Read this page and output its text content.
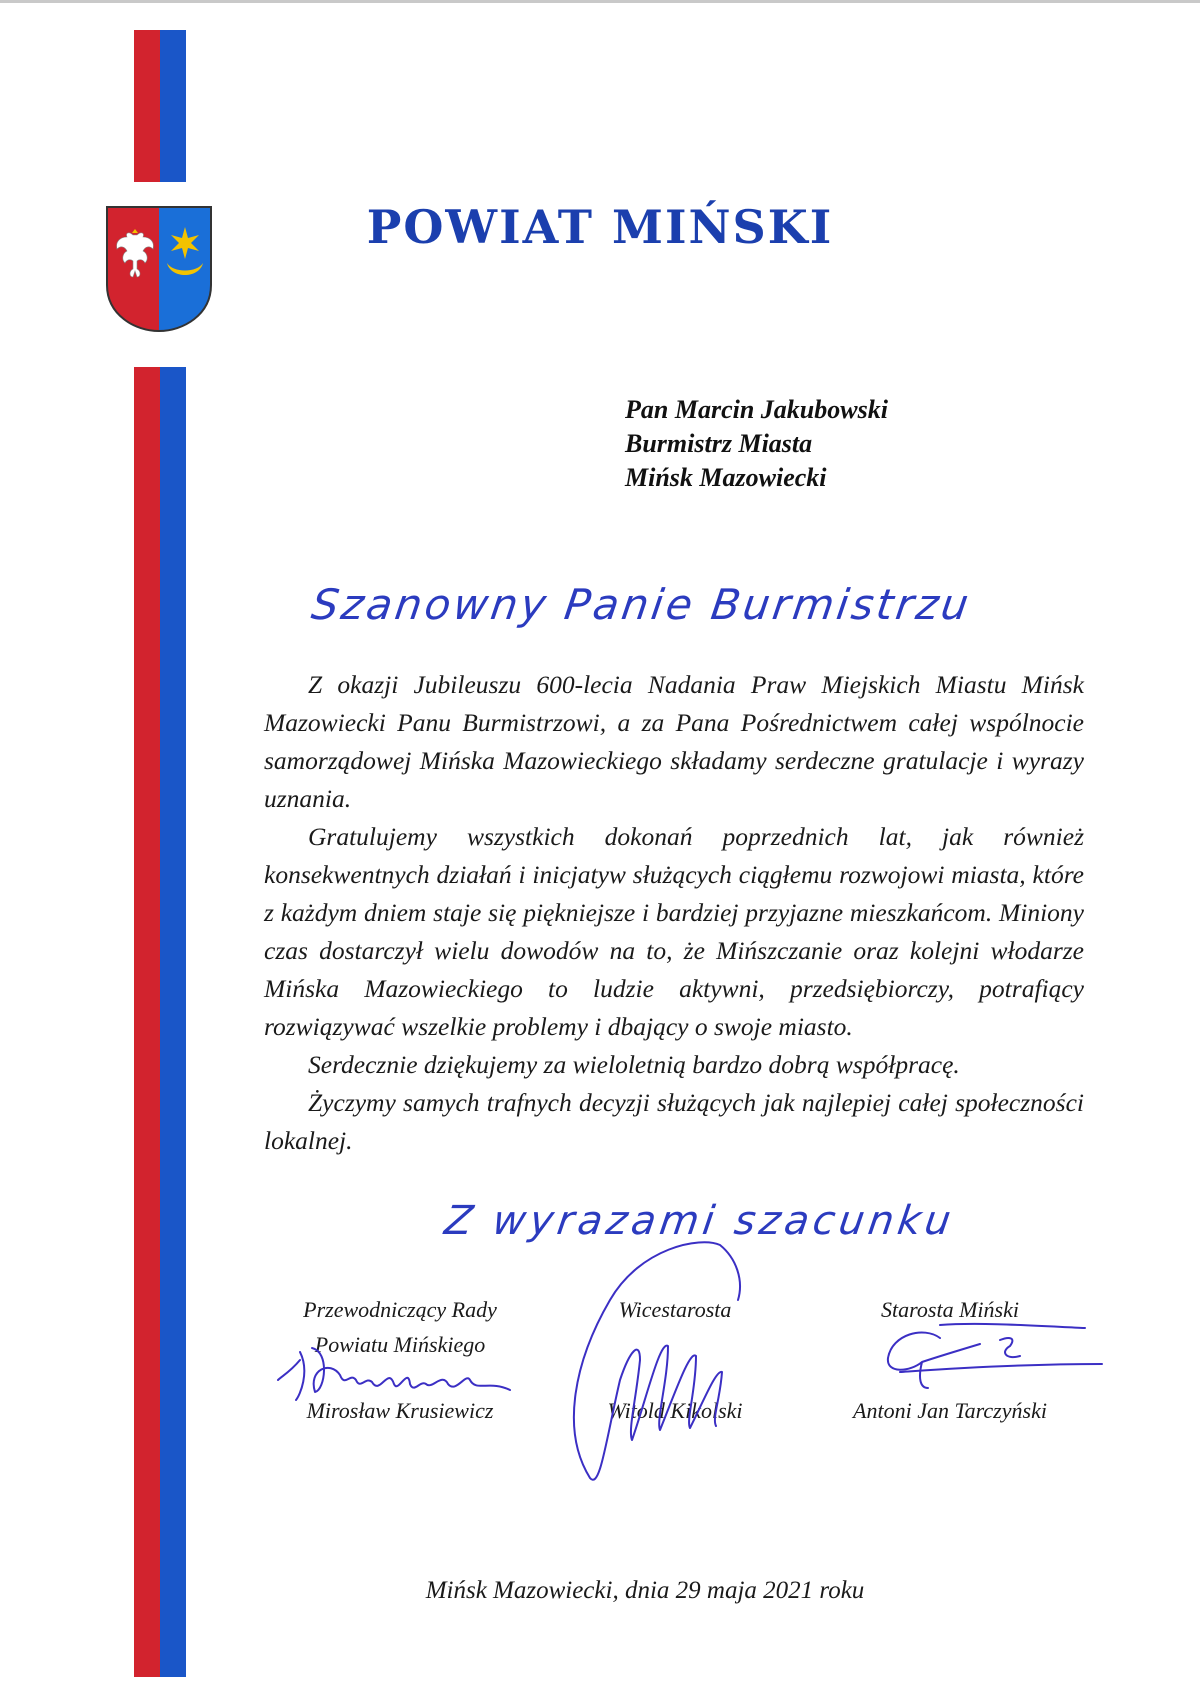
POWIAT MIŃSKI
Pan Marcin Jakubowski
Burmistrz Miasta
Mińsk Mazowiecki
Szanowny Panie Burmistrzu

Z okazji Jubileuszu 600-lecia Nadania Praw Miejskich Miastu Mińsk Mazowiecki Panu Burmistrzowi, a za Pana Pośrednictwem całej wspólnocie samorządowej Mińska Mazowieckiego składamy serdeczne gratulacje i wyrazy uznania.

Gratulujemy wszystkich dokonań poprzednich lat, jak również konsekwentnych działań i inicjatyw służących ciągłemu rozwojowi miasta, które z każdym dniem staje się piękniejsze i bardziej przyjazne mieszkańcom. Miniony czas dostarczył wielu dowodów na to, że Mińszczanie oraz kolejni włodarze Mińska Mazowieckiego to ludzie aktywni, przedsiębiorczy, potrafiący rozwiązywać wszelkie problemy i dbający o swoje miasto.

Serdecznie dziękujemy za wieloletnią bardzo dobrą współpracę.

Życzymy samych trafnych decyzji służących jak najlepiej całej społeczności lokalnej.

Z wyrazami szacunku
Przewodniczący Rady
Powiatu Mińskiego
Wicestarosta	Starosta Miński
Mirosław Krusiewicz	Witold Kikolski	Antoni Jan Tarczyński
Mińsk Mazowiecki, dnia 29 maja 2021 roku
